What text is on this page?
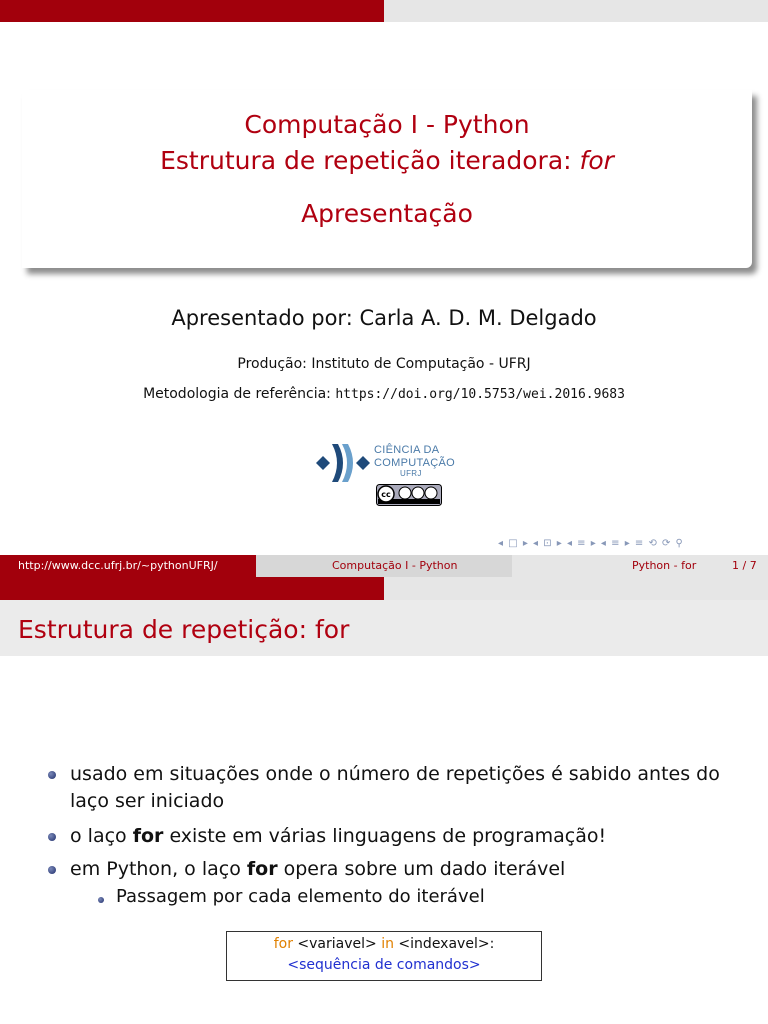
Computação I - Python
Estrutura de repetição iteradora: for
Apresentação
Apresentado por: Carla A. D. M. Delgado
Produção: Instituto de Computação - UFRJ
Metodologia de referência: https://doi.org/10.5753/wei.2016.9683
CIÊNCIA DA
COMPUTAÇÃO
UFRJ
cc
◂ □ ▸ ◂ ⊡ ▸ ◂ ≡ ▸ ◂ ≡ ▸ ≡ ⟲ ⟳ ⚲
http://www.dcc.ufrj.br/~pythonUFRJ/	Computação I - Python	Python - for	1 / 7
Estrutura de repetição: for
usado em situações onde o número de repetições é sabido antes do laço ser iniciado
o laço for existe em várias linguagens de programação!
em Python, o laço for opera sobre um dado iterável
Passagem por cada elemento do iterável
for <variavel> in <indexavel>:
<sequência de comandos>
